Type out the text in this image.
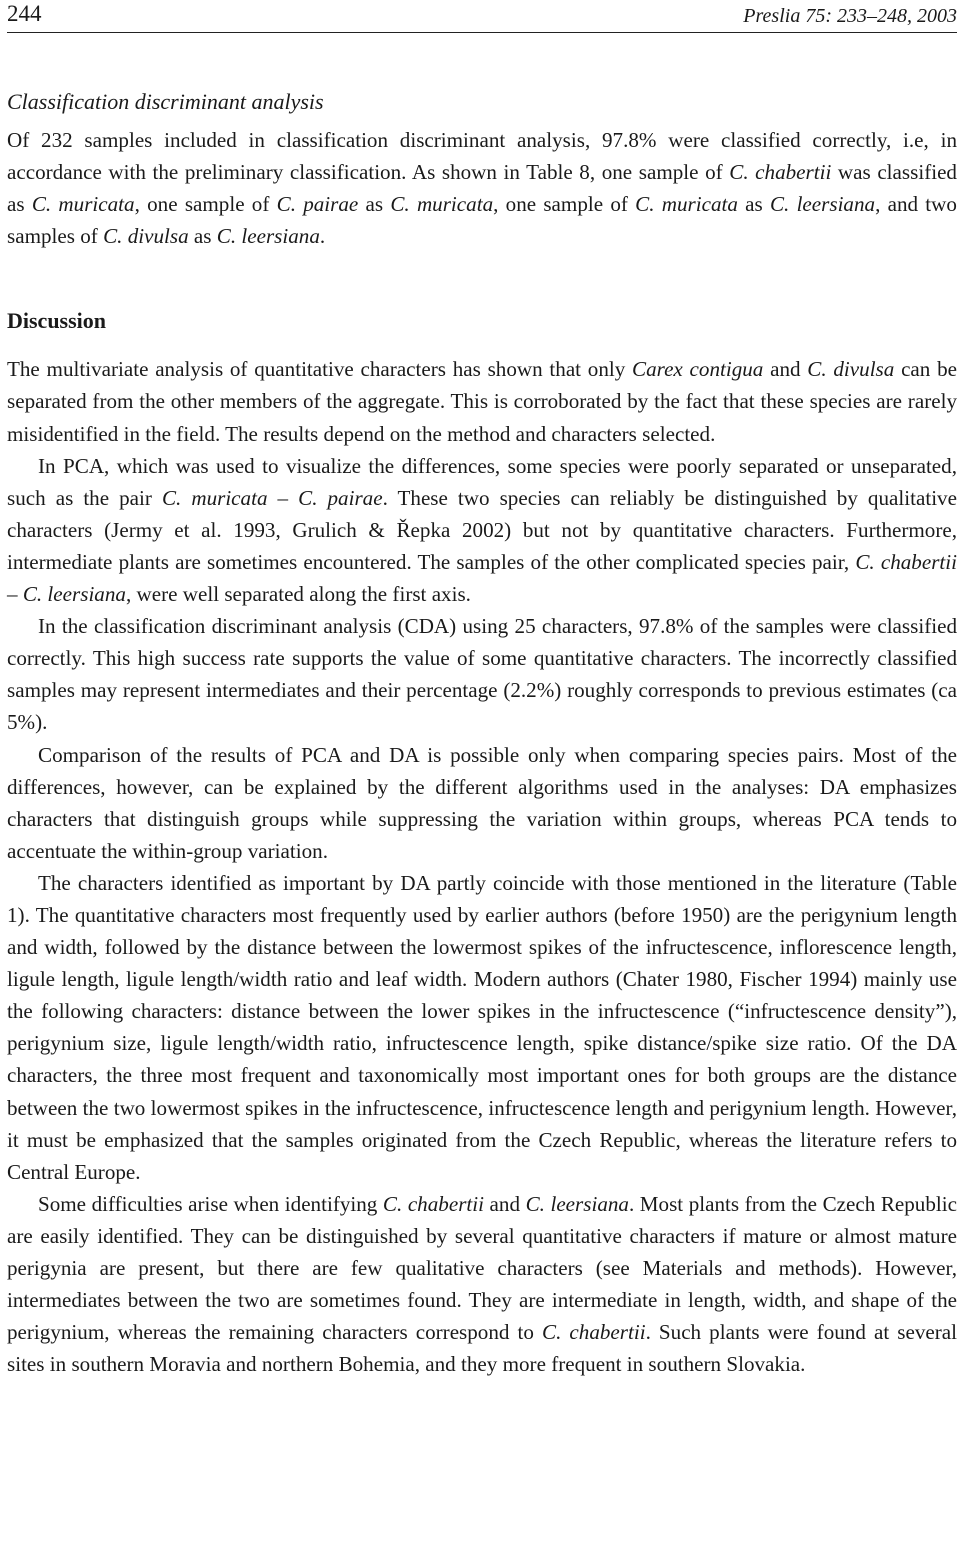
244	Preslia 75: 233–248, 2003
Classification discriminant analysis

Of 232 samples included in classification discriminant analysis, 97.8% were classified correctly, i.e, in accordance with the preliminary classification. As shown in Table 8, one sample of C. chabertii was classified as C. muricata, one sample of C. pairae as C. muricata, one sample of C. muricata as C. leersiana, and two samples of C. divulsa as C. leersiana.

Discussion

The multivariate analysis of quantitative characters has shown that only Carex contigua and C. divulsa can be separated from the other members of the aggregate. This is corroborated by the fact that these species are rarely misidentified in the field. The results depend on the method and characters selected.

In PCA, which was used to visualize the differences, some species were poorly separated or unseparated, such as the pair C. muricata – C. pairae. These two species can reliably be distinguished by qualitative characters (Jermy et al. 1993, Grulich & Řepka 2002) but not by quantitative characters. Furthermore, intermediate plants are sometimes encountered. The samples of the other complicated species pair, C. chabertii – C. leersiana, were well separated along the first axis.

In the classification discriminant analysis (CDA) using 25 characters, 97.8% of the samples were classified correctly. This high success rate supports the value of some quantitative characters. The incorrectly classified samples may represent intermediates and their percentage (2.2%) roughly corresponds to previous estimates (ca 5%).

Comparison of the results of PCA and DA is possible only when comparing species pairs. Most of the differences, however, can be explained by the different algorithms used in the analyses: DA emphasizes characters that distinguish groups while suppressing the variation within groups, whereas PCA tends to accentuate the within-group variation.

The characters identified as important by DA partly coincide with those mentioned in the literature (Table 1). The quantitative characters most frequently used by earlier authors (before 1950) are the perigynium length and width, followed by the distance between the lowermost spikes of the infructescence, inflorescence length, ligule length, ligule length/width ratio and leaf width. Modern authors (Chater 1980, Fischer 1994) mainly use the following characters: distance between the lower spikes in the infructescence (“infructescence density”), perigynium size, ligule length/width ratio, infructescence length, spike distance/spike size ratio. Of the DA characters, the three most frequent and taxonomically most important ones for both groups are the distance between the two lowermost spikes in the infructescence, infructescence length and perigynium length. However, it must be emphasized that the samples originated from the Czech Republic, whereas the literature refers to Central Europe.

Some difficulties arise when identifying C. chabertii and C. leersiana. Most plants from the Czech Republic are easily identified. They can be distinguished by several quantitative characters if mature or almost mature perigynia are present, but there are few qualitative characters (see Materials and methods). However, intermediates between the two are sometimes found. They are intermediate in length, width, and shape of the perigynium, whereas the remaining characters correspond to C. chabertii. Such plants were found at several sites in southern Moravia and northern Bohemia, and they more frequent in southern Slovakia.
